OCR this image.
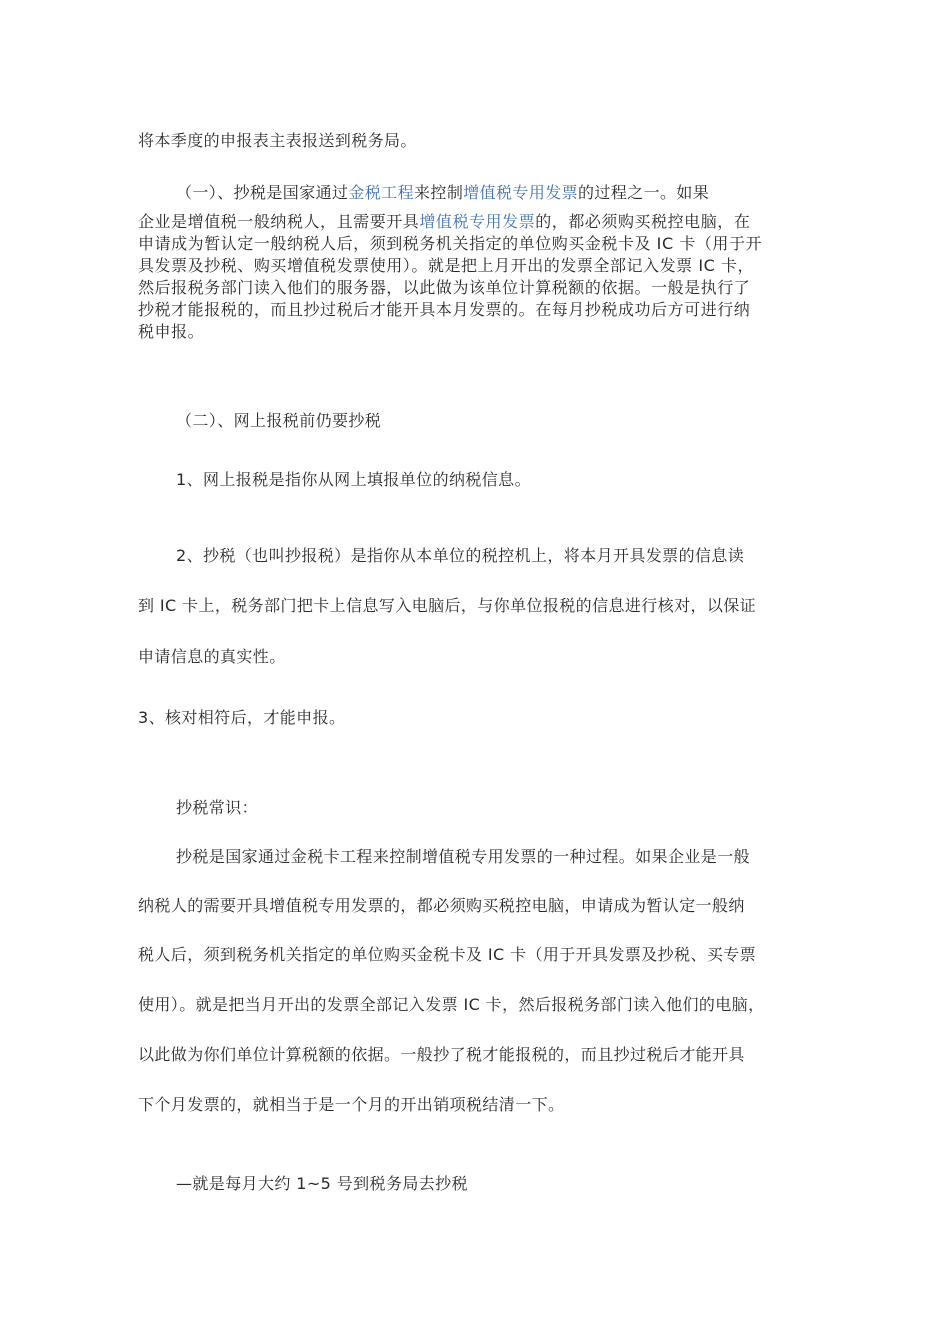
将本季度的申报表主表报送到税务局。
（一）、抄税是国家通过金税工程来控制增值税专用发票的过程之一。如果
企业是增值税一般纳税人，且需要开具增值税专用发票的，都必须购买税控电脑，在
申请成为暂认定一般纳税人后，须到税务机关指定的单位购买金税卡及 IC 卡（用于开
具发票及抄税、购买增值税发票使用）。就是把上月开出的发票全部记入发票 IC 卡，
然后报税务部门读入他们的服务器，以此做为该单位计算税额的依据。一般是执行了
抄税才能报税的，而且抄过税后才能开具本月发票的。在每月抄税成功后方可进行纳
税申报。
（二）、网上报税前仍要抄税
1、网上报税是指你从网上填报单位的纳税信息。
2、抄税（也叫抄报税）是指你从本单位的税控机上，将本月开具发票的信息读
到 IC 卡上，税务部门把卡上信息写入电脑后，与你单位报税的信息进行核对，以保证
申请信息的真实性。
3、核对相符后，才能申报。
抄税常识：
抄税是国家通过金税卡工程来控制增值税专用发票的一种过程。如果企业是一般
纳税人的需要开具增值税专用发票的，都必须购买税控电脑，申请成为暂认定一般纳
税人后，须到税务机关指定的单位购买金税卡及 IC 卡（用于开具发票及抄税、买专票
使用）。就是把当月开出的发票全部记入发票 IC 卡，然后报税务部门读入他们的电脑，
以此做为你们单位计算税额的依据。一般抄了税才能报税的，而且抄过税后才能开具
下个月发票的，就相当于是一个月的开出销项税结清一下。
—就是每月大约 1~5 号到税务局去抄税
